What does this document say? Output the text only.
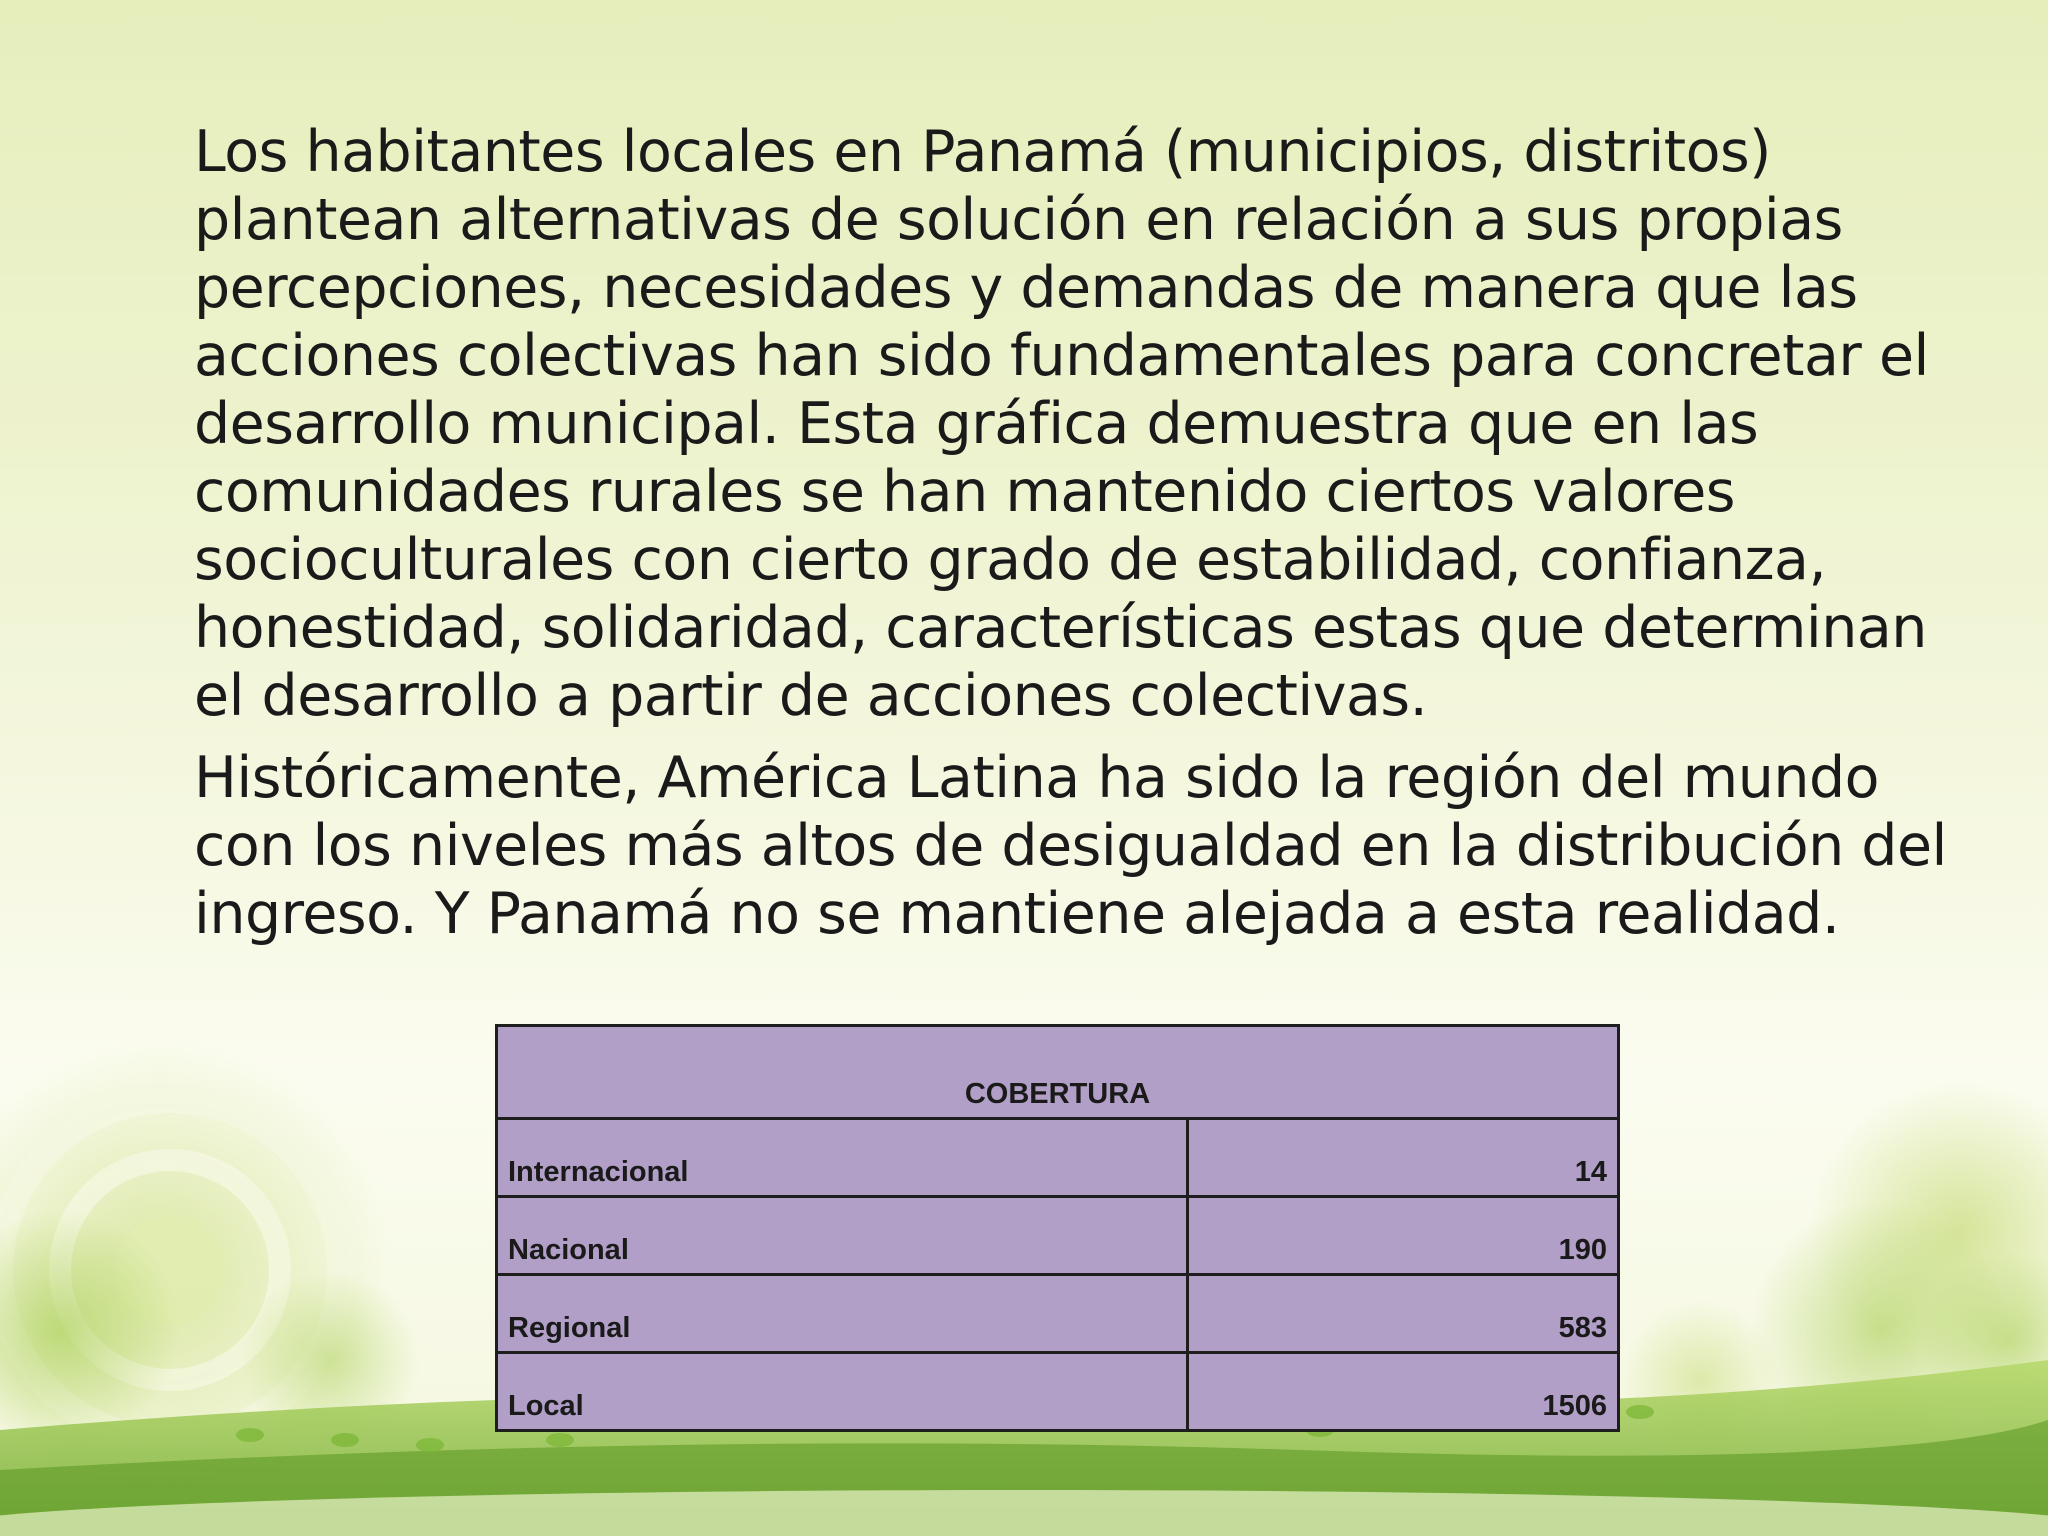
Los habitantes locales en Panamá (municipios, distritos) plantean alternativas de solución en relación a sus propias percepciones, necesidades y demandas de manera que las acciones colectivas han sido fundamentales para concretar el desarrollo municipal. Esta gráfica demuestra que en las comunidades rurales se han mantenido ciertos valores socioculturales con cierto grado de estabilidad, confianza, honestidad, solidaridad, características estas que determinan el desarrollo a partir de acciones colectivas.

Históricamente, América Latina ha sido la región del mundo con los niveles más altos de desigualdad en la distribución del ingreso. Y Panamá no se mantiene alejada a esta realidad.

COBERTURA	
Internacional	14
Nacional	190
Regional	583
Local	1506
